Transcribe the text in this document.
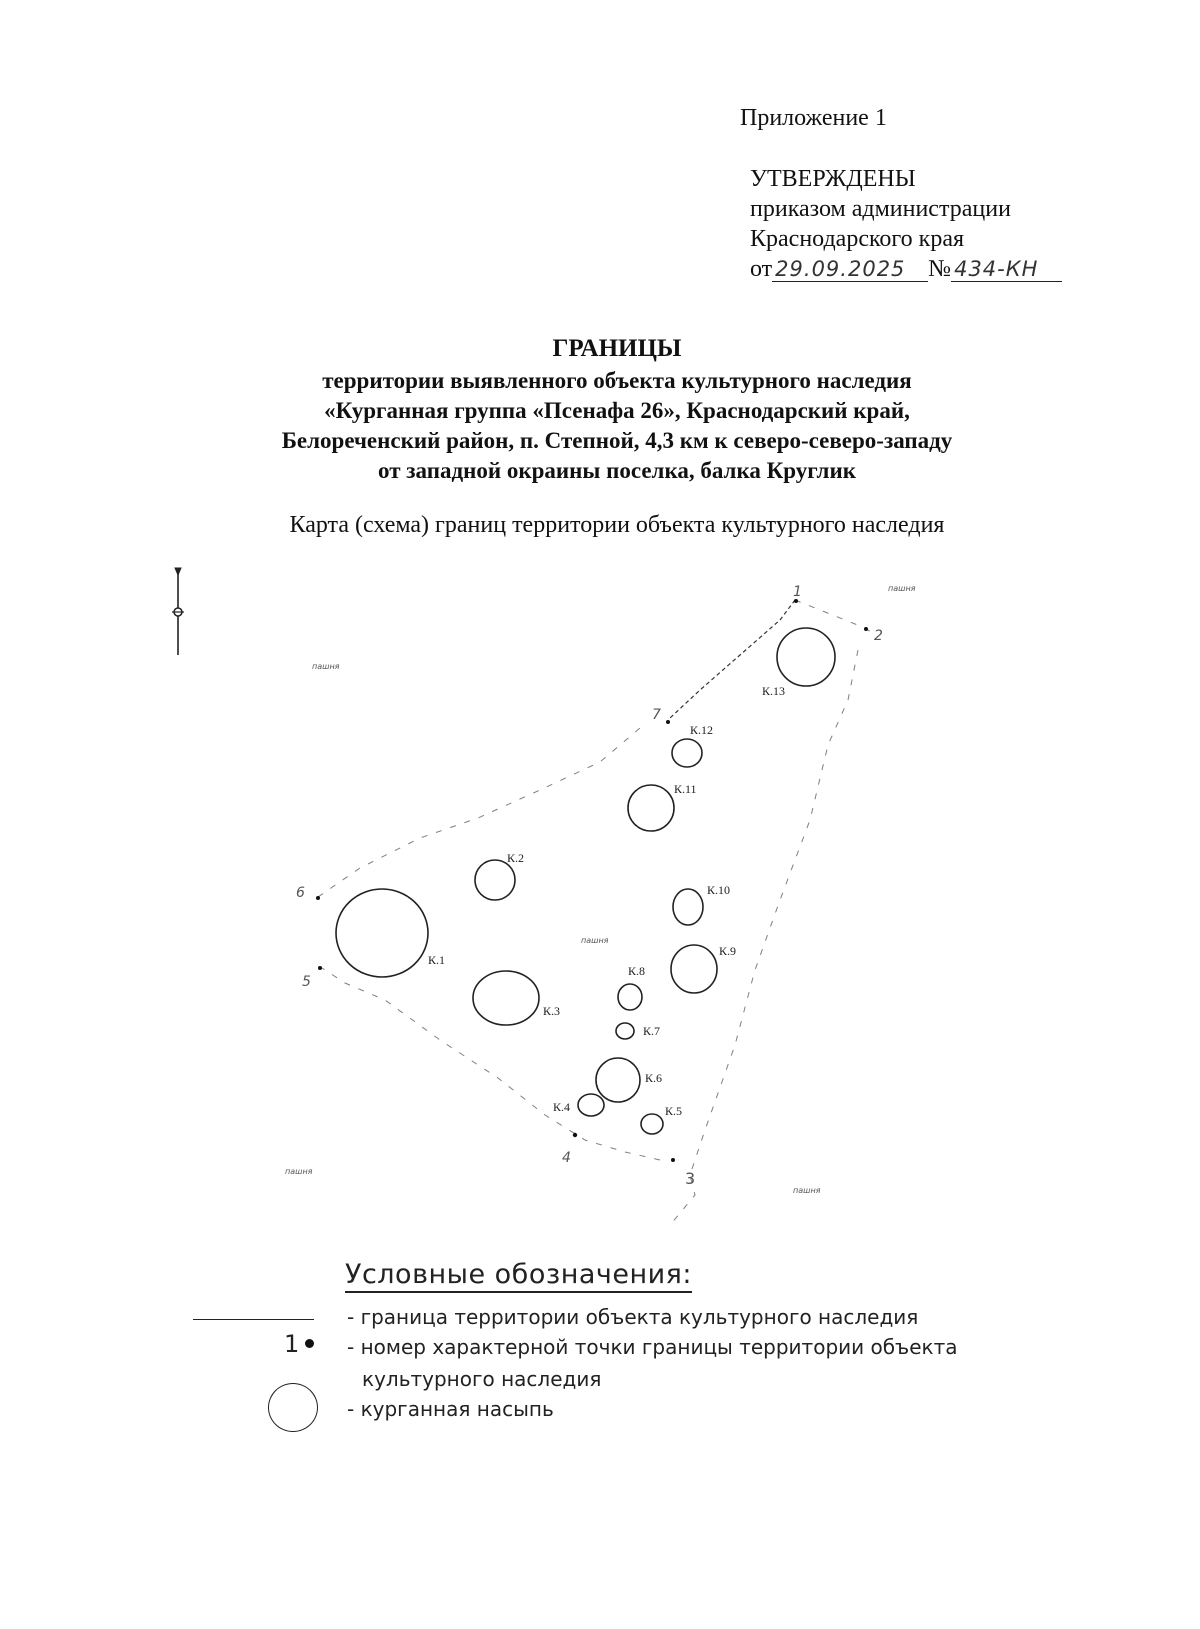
Приложение 1
УТВЕРЖДЕНЫ
приказом администрации
Краснодарского края
от 29.09.2025 № 434-КН
ГРАНИЦЫ
территории выявленного объекта культурного наследия
«Курганная группа «Псенафа 26», Краснодарский край,
Белореченский район, п. Степной, 4,3 км к северо-северо-западу
от западной окраины поселка, балка Круглик
Карта (схема) границ территории объекта культурного наследия
1
2
3
4
5
6
7
пашня
пашня
пашня
пашня
пашня
К.1
К.2
К.3
К.4	К.5
К.6
К.7
К.8
К.9
К.10
К.11
К.12
К.13
Условные обозначения:
- граница территории объекта культурного наследия
1 - номер характерной точки границы территории объекта
культурного наследия
- курганная насыпь
